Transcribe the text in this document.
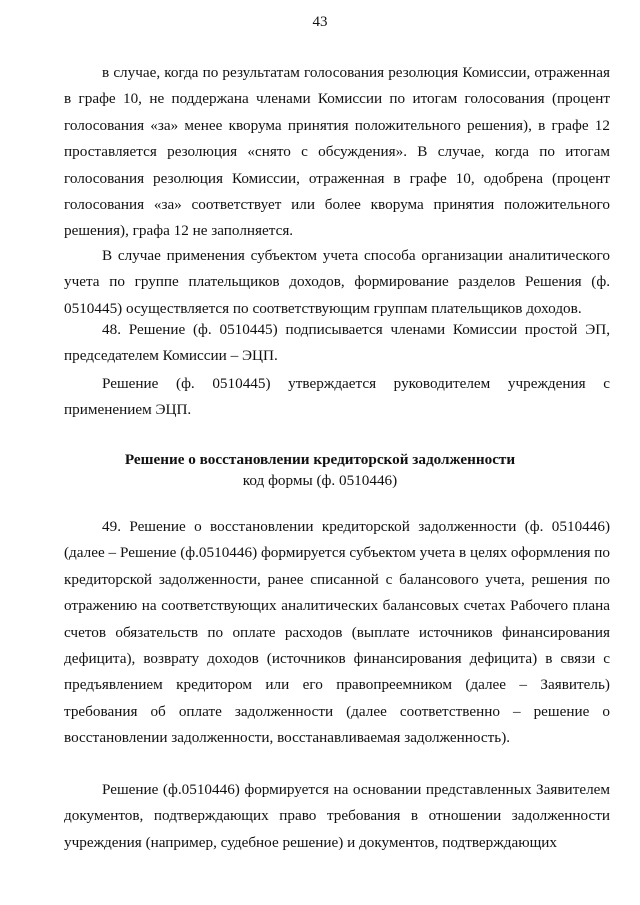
43

в случае, когда по результатам голосования резолюция Комиссии, отраженная в графе 10, не поддержана членами Комиссии по итогам голосования (процент голосования «за» менее кворума принятия положительного решения), в графе 12 проставляется резолюция «снято с обсуждения». В случае, когда по итогам голосования резолюция Комиссии, отраженная в графе 10, одобрена (процент голосования «за» соответствует или более кворума принятия положительного решения), графа 12 не заполняется.

В случае применения субъектом учета способа организации аналитического учета по группе плательщиков доходов, формирование разделов Решения (ф. 0510445) осуществляется по соответствующим группам плательщиков доходов.

48. Решение (ф. 0510445) подписывается членами Комиссии простой ЭП, председателем Комиссии – ЭЦП.

Решение (ф. 0510445) утверждается руководителем учреждения с применением ЭЦП.

Решение о восстановлении кредиторской задолженности
код формы (ф. 0510446)

49. Решение о восстановлении кредиторской задолженности (ф. 0510446) (далее – Решение (ф.0510446) формируется субъектом учета в целях оформления по кредиторской задолженности, ранее списанной с балансового учета, решения по отражению на соответствующих аналитических балансовых счетах Рабочего плана счетов обязательств по оплате расходов (выплате источников финансирования дефицита), возврату доходов (источников финансирования дефицита) в связи с предъявлением кредитором или его правопреемником (далее – Заявитель) требования об оплате задолженности (далее соответственно – решение о восстановлении задолженности, восстанавливаемая задолженность).

Решение (ф.0510446) формируется на основании представленных Заявителем документов, подтверждающих право требования в отношении задолженности учреждения (например, судебное решение) и документов, подтверждающих
